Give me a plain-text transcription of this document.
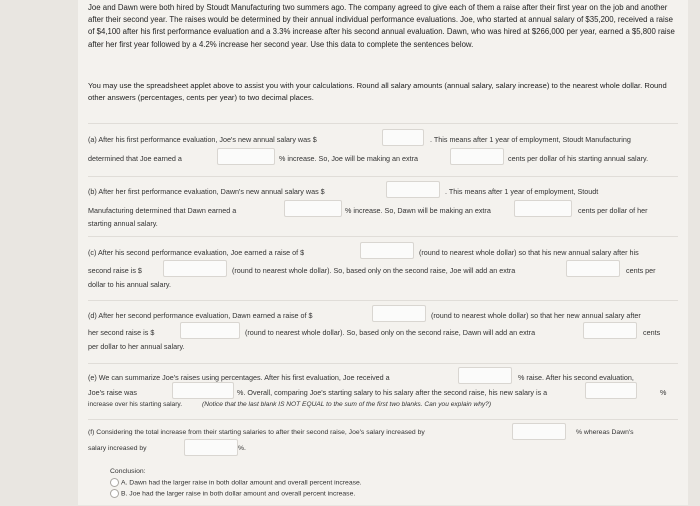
Joe and Dawn were both hired by Stoudt Manufacturing two summers ago. The company agreed to give each of them a raise after their first year on the job and another after their second year. The raises would be determined by their annual individual performance evaluations. Joe, who started at annual salary of $35,200, received a raise of $4,100 after his first performance evaluation and a 3.3% increase after his second annual evaluation. Dawn, who was hired at $266,000 per year, earned a $5,800 raise after her first year followed by a 4.2% increase her second year. Use this data to complete the sentences below.
You may use the spreadsheet applet above to assist you with your calculations. Round all salary amounts (annual salary, salary increase) to the nearest whole dollar. Round other answers (percentages, cents per year) to two decimal places.
(a) After his first performance evaluation, Joe's new annual salary was $	. This means after 1 year of employment, Stoudt Manufacturing
determined that Joe earned a	% increase. So, Joe will be making an extra	cents per dollar of his starting annual salary.
(b) After her first performance evaluation, Dawn's new annual salary was $	. This means after 1 year of employment, Stoudt
Manufacturing determined that Dawn earned a	% increase. So, Dawn will be making an extra	cents per dollar of her
starting annual salary.
(c) After his second performance evaluation, Joe earned a raise of $	(round to nearest whole dollar) so that his new annual salary after his
second raise is $	(round to nearest whole dollar). So, based only on the second raise, Joe will add an extra	cents per
dollar to his annual salary.
(d) After her second performance evaluation, Dawn earned a raise of $	(round to nearest whole dollar) so that her new annual salary after
her second raise is $	(round to nearest whole dollar). So, based only on the second raise, Dawn will add an extra	cents
per dollar to her annual salary.
(e) We can summarize Joe's raises using percentages. After his first evaluation, Joe received a	% raise. After his second evaluation,
Joe's raise was	%. Overall, comparing Joe's starting salary to his salary after the second raise, his new salary is a	%
increase over his starting salary.	(Notice that the last blank IS NOT EQUAL to the sum of the first two blanks. Can you explain why?)
(f) Considering the total increase from their starting salaries to after their second raise, Joe's salary increased by	% whereas Dawn's
salary increased by	%.
Conclusion:
A. Dawn had the larger raise in both dollar amount and overall percent increase.
B. Joe had the larger raise in both dollar amount and overall percent increase.
